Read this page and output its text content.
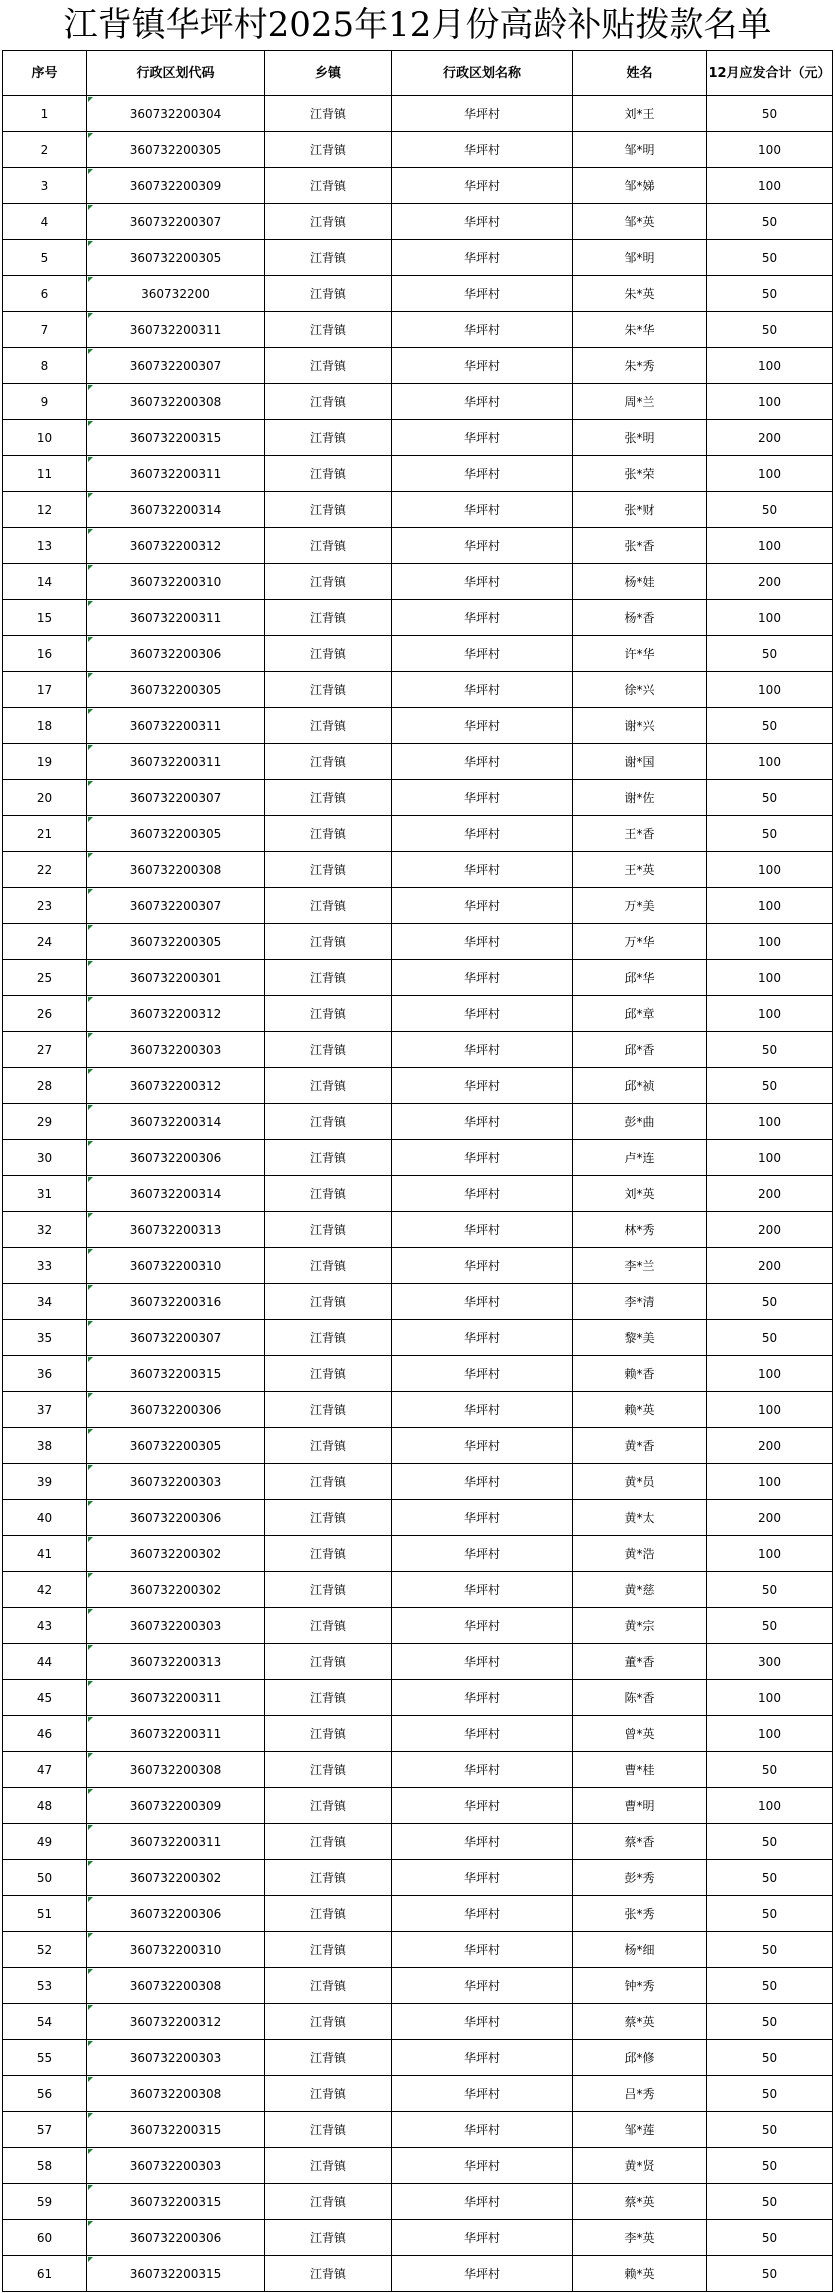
江背镇华坪村2025年12月份高龄补贴拨款名单
序号	行政区划代码	乡镇	行政区划名称	姓名	12月应发合计（元）
1	360732200304	江背镇	华坪村	刘*王	50
2	360732200305	江背镇	华坪村	邹*明	100
3	360732200309	江背镇	华坪村	邹*娣	100
4	360732200307	江背镇	华坪村	邹*英	50
5	360732200305	江背镇	华坪村	邹*明	50
6	360732200	江背镇	华坪村	朱*英	50
7	360732200311	江背镇	华坪村	朱*华	50
8	360732200307	江背镇	华坪村	朱*秀	100
9	360732200308	江背镇	华坪村	周*兰	100
10	360732200315	江背镇	华坪村	张*明	200
11	360732200311	江背镇	华坪村	张*荣	100
12	360732200314	江背镇	华坪村	张*财	50
13	360732200312	江背镇	华坪村	张*香	100
14	360732200310	江背镇	华坪村	杨*娃	200
15	360732200311	江背镇	华坪村	杨*香	100
16	360732200306	江背镇	华坪村	许*华	50
17	360732200305	江背镇	华坪村	徐*兴	100
18	360732200311	江背镇	华坪村	谢*兴	50
19	360732200311	江背镇	华坪村	谢*国	100
20	360732200307	江背镇	华坪村	谢*佐	50
21	360732200305	江背镇	华坪村	王*香	50
22	360732200308	江背镇	华坪村	王*英	100
23	360732200307	江背镇	华坪村	万*美	100
24	360732200305	江背镇	华坪村	万*华	100
25	360732200301	江背镇	华坪村	邱*华	100
26	360732200312	江背镇	华坪村	邱*章	100
27	360732200303	江背镇	华坪村	邱*香	50
28	360732200312	江背镇	华坪村	邱*祯	50
29	360732200314	江背镇	华坪村	彭*曲	100
30	360732200306	江背镇	华坪村	卢*连	100
31	360732200314	江背镇	华坪村	刘*英	200
32	360732200313	江背镇	华坪村	林*秀	200
33	360732200310	江背镇	华坪村	李*兰	200
34	360732200316	江背镇	华坪村	李*清	50
35	360732200307	江背镇	华坪村	黎*美	50
36	360732200315	江背镇	华坪村	赖*香	100
37	360732200306	江背镇	华坪村	赖*英	100
38	360732200305	江背镇	华坪村	黄*香	200
39	360732200303	江背镇	华坪村	黄*员	100
40	360732200306	江背镇	华坪村	黄*太	200
41	360732200302	江背镇	华坪村	黄*浩	100
42	360732200302	江背镇	华坪村	黄*慈	50
43	360732200303	江背镇	华坪村	黄*宗	50
44	360732200313	江背镇	华坪村	董*香	300
45	360732200311	江背镇	华坪村	陈*香	100
46	360732200311	江背镇	华坪村	曾*英	100
47	360732200308	江背镇	华坪村	曹*桂	50
48	360732200309	江背镇	华坪村	曹*明	100
49	360732200311	江背镇	华坪村	蔡*香	50
50	360732200302	江背镇	华坪村	彭*秀	50
51	360732200306	江背镇	华坪村	张*秀	50
52	360732200310	江背镇	华坪村	杨*细	50
53	360732200308	江背镇	华坪村	钟*秀	50
54	360732200312	江背镇	华坪村	蔡*英	50
55	360732200303	江背镇	华坪村	邱*修	50
56	360732200308	江背镇	华坪村	吕*秀	50
57	360732200315	江背镇	华坪村	邹*莲	50
58	360732200303	江背镇	华坪村	黄*贤	50
59	360732200315	江背镇	华坪村	蔡*英	50
60	360732200306	江背镇	华坪村	李*英	50
61	360732200315	江背镇	华坪村	赖*英	50
